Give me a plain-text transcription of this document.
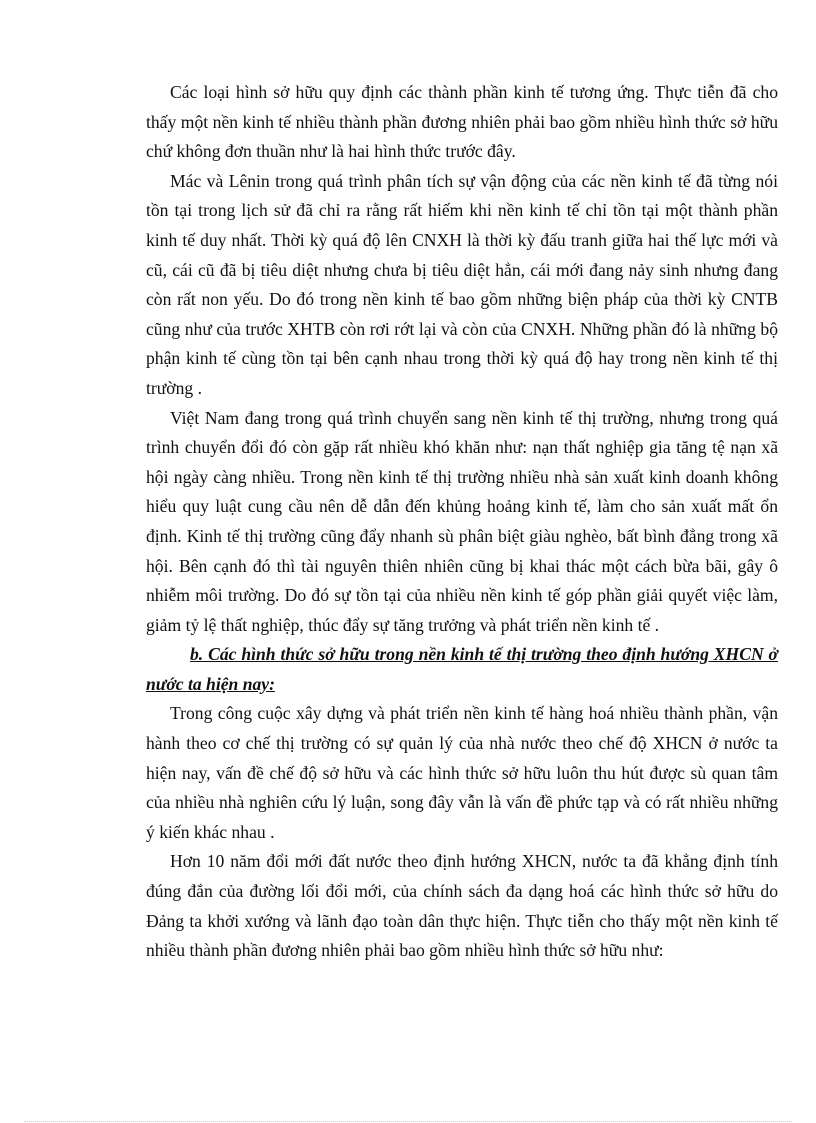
Các loại hình sở hữu quy định các thành phần kinh tế tương ứng. Thực tiễn đã cho thấy một nền kinh tế nhiều thành phần đương nhiên phải bao gồm nhiều hình thức sở hữu chứ không đơn thuần như là hai hình thức trước đây.

Mác và Lênin trong quá trình phân tích sự vận động của các nền kinh tế đã từng nói tồn tại trong lịch sử đã chỉ ra rằng rất hiếm khi nền kinh tế chỉ tồn tại một thành phần kinh tế duy nhất. Thời kỳ quá độ lên CNXH là thời kỳ đấu tranh giữa hai thế lực mới và cũ, cái cũ đã bị tiêu diệt nhưng chưa bị tiêu diệt hẳn, cái mới đang nảy sinh nhưng đang còn rất non yếu. Do đó trong nền kinh tế bao gồm những biện pháp của thời kỳ CNTB cũng như của trước XHTB còn rơi rớt lại và còn của CNXH. Những phần đó là những bộ phận kinh tế cùng tồn tại bên cạnh nhau trong thời kỳ quá độ hay trong nền kinh tế thị trường .

Việt Nam đang trong quá trình chuyển sang nền kinh tế thị trường, nhưng trong quá trình chuyển đổi đó còn gặp rất nhiều khó khăn như: nạn thất nghiệp gia tăng tệ nạn xã hội ngày càng nhiều. Trong nền kinh tế thị trường nhiều nhà sản xuất kinh doanh không hiểu quy luật cung cầu nên dễ dẫn đến khủng hoảng kinh tế, làm cho sản xuất mất ổn định. Kinh tế thị trường cũng đẩy nhanh sù phân biệt giàu nghèo, bất bình đẳng trong xã hội. Bên cạnh đó thì tài nguyên thiên nhiên cũng bị khai thác một cách bừa bãi, gây ô nhiễm môi trường. Do đó sự tồn tại của nhiều nền kinh tế góp phần giải quyết việc làm, giảm tỷ lệ thất nghiệp, thúc đẩy sự tăng trưởng và phát triển nền kinh tế .

b. Các hình thức sở hữu trong nền kinh tế thị trường theo định hướng XHCN ở nước ta hiện nay:

Trong công cuộc xây dựng và phát triển nền kinh tế hàng hoá nhiều thành phần, vận hành theo cơ chế thị trường có sự quản lý của nhà nước theo chế độ XHCN ở nước ta hiện nay, vấn đề chế độ sở hữu và các hình thức sở hữu luôn thu hút được sù quan tâm của nhiều nhà nghiên cứu lý luận, song đây vẫn là vấn đề phức tạp và có rất nhiều những ý kiến khác nhau .

Hơn 10 năm đổi mới đất nước theo định hướng XHCN, nước ta đã khẳng định tính đúng đắn của đường lối đổi mới, của chính sách đa dạng hoá các hình thức sở hữu do Đảng ta khởi xướng và lãnh đạo toàn dân thực hiện. Thực tiễn cho thấy một nền kinh tế nhiều thành phần đương nhiên phải bao gồm nhiều hình thức sở hữu như:
